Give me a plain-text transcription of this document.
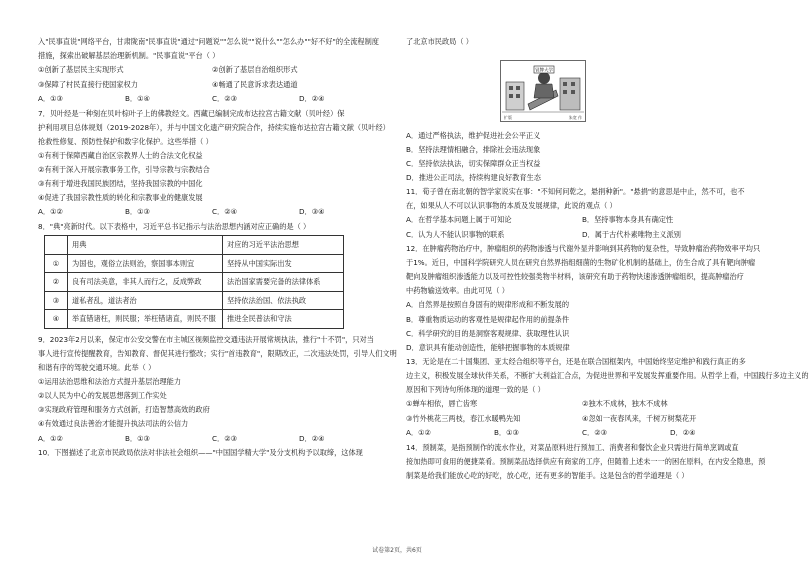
入"民事直说"网络平台，甘肃陇南"民事直说"通过"问题说""怎么说""说什么""怎么办""好不好"的全流程制度

措施，探索出破解基层治理新机制。"民事直说"平台（ ）

①创新了基层民主实现形式	②创新了基层自治组织形式
③保障了村民直接行使国家权力	④畅通了民意诉求表达通道
A．①③	B．①④	C．②③	D．②④

7．贝叶经是一种刻在贝叶棕叶子上的佛教经文。西藏已编制完成布达拉宫古籍文献（贝叶经）保

护利用项目总体规划（2019-2028年），并与中国文化遗产研究院合作，持续实施布达拉宫古籍文献（贝叶经）

抢救性修复、预防性保护和数字化保护。这些举措（ ）

①有利于保障西藏自治区宗教界人士的合法文化权益

②有利于深入开展宗教事务工作，引导宗教与宗教结合

③有利于增进我国民族团结，坚持我国宗教的中国化

④促进了我国宗教性质的转化和宗教事业的健康发展

A．①②	B．①③	C．②④	D．③④

8．"典"亮新时代。以下表格中，习近平总书记指示与法治思想内涵对应正确的是（ ）

	用典	对应的习近平法治思想
①	为国也，观俗立法则治，察国事本则宜	坚持从中国实际出发
②	良有司法美意，非其人而行之，反成弊政	法治国家需要完备的法律体系
③	道私者乱，道法者治	坚持依法治国、依法执政
④	举直错诸枉，则民服；举枉错诸直，则民不服	推进全民普法和守法

9．2023年2月以来，保定市公安交警在市主城区视频监控交通违法开展常规执法，推行"十不罚"，只对当

事人进行宣传提醒教育，告知教育、督促其进行整改；实行"首违教育"，限期改正，二次违法处罚，引导人们文明

和谐有序的驾驶交通环境。此举（ ）

①运用法治思维和法治方式提升基层治理能力

②以人民为中心的发展思想落到工作实处

③实现政府管理和服务方式创新，打造智慧高效的政府

④有效通过良法善治才能提升执法司法的公信力

A．①②	B．①③	C．②③	D．②④

10．下图描述了北京市民政局依法对非法社会组织——"中国国学精大学"及分支机构予以取缔，这体现

了北京市民政局（ ）

冒牌大学
扩版	朱宽 作

A．通过严格执法，维护促进社会公平正义

B．坚持法理情相融合，排除社会违法现象

C．坚持依法执法，切实保障群众正当权益

D．推进公正司法，持续构建良好教育生态

11．荀子曾在南北朝的智学家说实在事："不知何问乾之，悬捐种新"。"悬捐"的意思是中止，然不可，也不

在，如果从人不可以认识事物的本质及发展规律，此说的观点（ ）

A．在哲学基本问题上属于可知论	B．坚持事物本身具有确定性
C．认为人不能认识事物的联系	D．属于古代朴素唯物主义派别

12．在肿瘤药物治疗中，肿瘤组织的药物渗透与代谢外显并影响到其药物的复杂性，导致肿瘤治药物效率平均只

于1%。近日，中国科学院研究人员在研究自然界指组细菌的生物矿化机制的基础上，仿生合成了具有靶向肿瘤

靶向及肿瘤组织渗透能力以及可控性较强类物半材料，该研究有助于药物快速渗透肿瘤组织，提高肿瘤治疗

中药物输送效率。由此可见（ ）

A．自然界是按照自身固有的规律形成和不断发展的

B．尊重物质运动的客观性是规律起作用的前提条件

C．科学研究的目的是洞察客观规律、获取理性认识

D．意识具有能动创造性，能够把握事物的本质规律

13．无论是在二十国集团、亚太经合组织等平台，还是在联合国框架内，中国始终坚定维护和践行真正的多

边主义，积极发展全球伙伴关系，不断扩大利益汇合点，为促进世界和平发展发挥重要作用。从哲学上看，中国践行多边主义的

原因和下列诗句所体现的道理一致的是（ ）

①蝉车相依，唇亡齿寒	②独木不成林，独木不成林
③竹外桃花三两枝，春江水暖鸭先知	④忽如一夜春风来，千树万树梨花开
A．①②	B．①③	C．②③	D．②④

14．预制菜，是指预制作的流水作业，对菜品原料进行预加工、消费者和餐饮企业只需进行简单烹调或直

接加热即可食用的便捷菜肴。预制菜品选择供应有商家的工序，但随着上述未一一的困在原料，在内安全隐患，预

制菜是给我们能放心吃的好吃，放心吃，还有更多的智能手。这是包含的哲学道理是（ ）

试卷第2页，共6页
